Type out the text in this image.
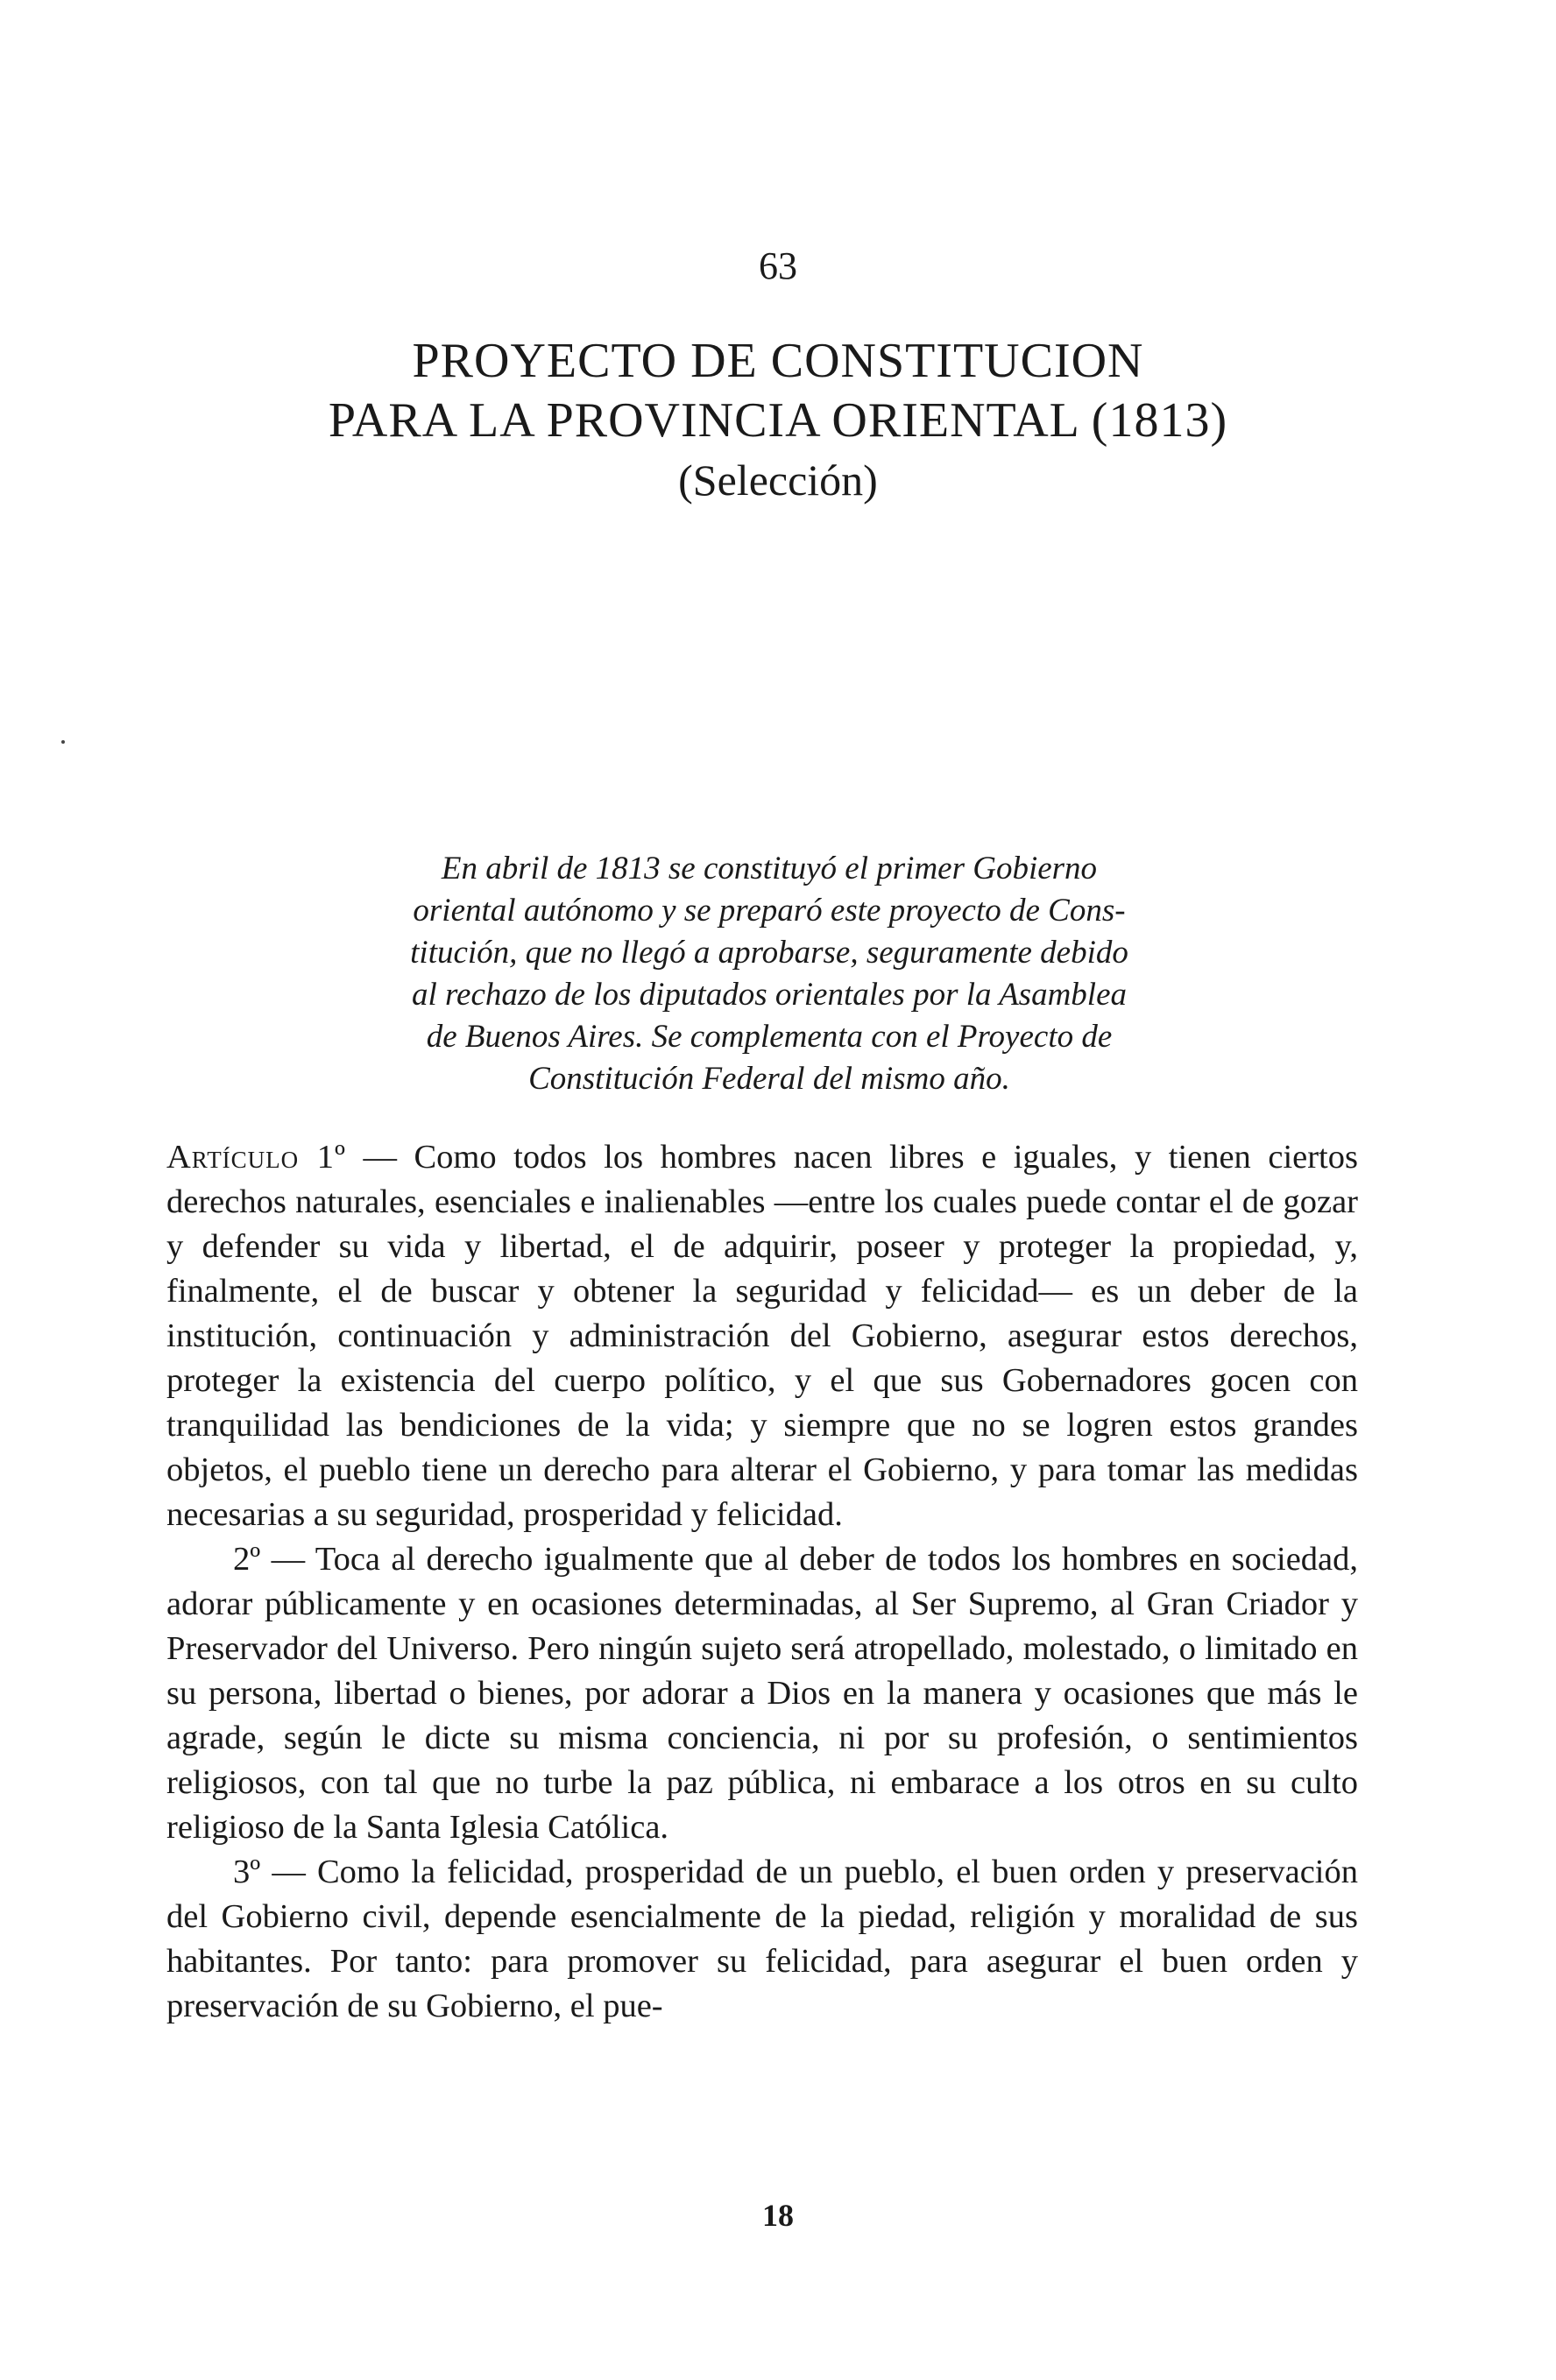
63
PROYECTO DE CONSTITUCION
PARA LA PROVINCIA ORIENTAL (1813)
(Selección)
En abril de 1813 se constituyó el primer Gobierno
oriental autónomo y se preparó este proyecto de Cons-
titución, que no llegó a aprobarse, seguramente debido
al rechazo de los diputados orientales por la Asamblea
de Buenos Aires. Se complementa con el Proyecto de
Constitución Federal del mismo año.

Artículo 1º — Como todos los hombres nacen libres e iguales, y tienen ciertos derechos naturales, esenciales e inalienables —entre los cuales puede contar el de gozar y defender su vida y libertad, el de adquirir, poseer y proteger la propiedad, y, finalmente, el de buscar y obtener la seguridad y felicidad— es un deber de la institución, continuación y administración del Gobierno, asegurar estos derechos, proteger la existencia del cuerpo político, y el que sus Gobernadores gocen con tranquilidad las bendiciones de la vida; y siempre que no se logren estos grandes objetos, el pueblo tiene un derecho para alterar el Gobierno, y para tomar las medidas necesarias a su seguridad, prosperidad y felicidad.

2º — Toca al derecho igualmente que al deber de todos los hombres en sociedad, adorar públicamente y en ocasiones determinadas, al Ser Supremo, al Gran Criador y Preservador del Universo. Pero ningún sujeto será atropellado, molestado, o limitado en su persona, libertad o bienes, por adorar a Dios en la manera y ocasiones que más le agrade, según le dicte su misma conciencia, ni por su profesión, o sentimientos religiosos, con tal que no turbe la paz pública, ni embarace a los otros en su culto religioso de la Santa Iglesia Católica.

3º — Como la felicidad, prosperidad de un pueblo, el buen orden y preservación del Gobierno civil, depende esencialmente de la piedad, religión y moralidad de sus habitantes. Por tanto: para promover su felicidad, para asegurar el buen orden y preservación de su Gobierno, el pue-

18
